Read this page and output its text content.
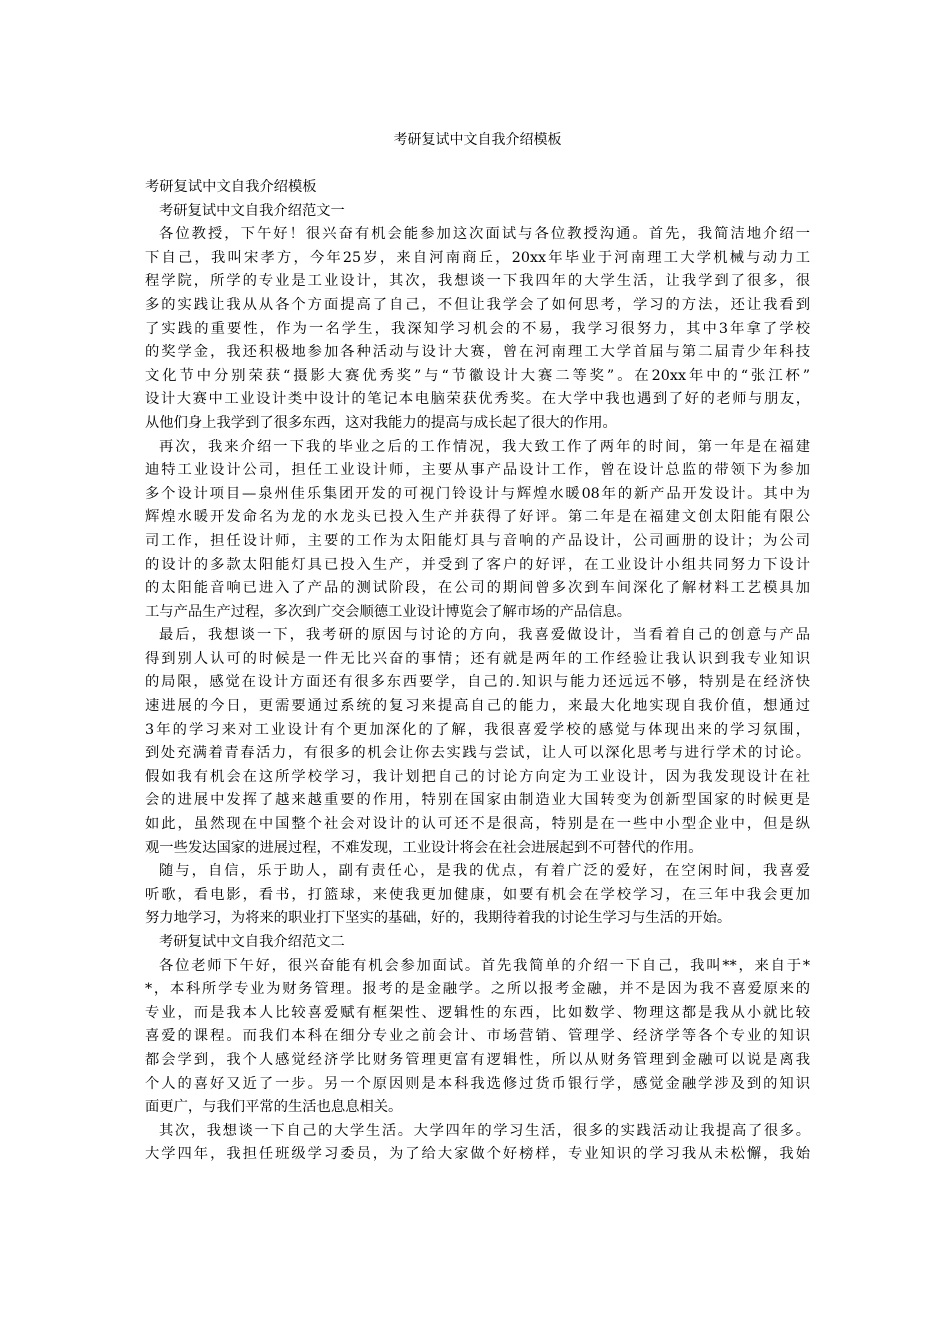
考研复试中文自我介绍模板
考研复试中文自我介绍模板
考研复试中文自我介绍范文一
各位教授，下午好！很兴奋有机会能参加这次面试与各位教授沟通。首先，我简洁地介绍一
下自己，我叫宋孝方，今年25岁，来自河南商丘，20xx年毕业于河南理工大学机械与动力工
程学院，所学的专业是工业设计，其次，我想谈一下我四年的大学生活，让我学到了很多，很
多的实践让我从从各个方面提高了自己，不但让我学会了如何思考，学习的方法，还让我看到
了实践的重要性，作为一名学生，我深知学习机会的不易，我学习很努力，其中3年拿了学校
的奖学金，我还积极地参加各种活动与设计大赛，曾在河南理工大学首届与第二届青少年科技
文化节中分别荣获“摄影大赛优秀奖”与“节徽设计大赛二等奖”。在20xx年中的“张江杯”
设计大赛中工业设计类中设计的笔记本电脑荣获优秀奖。在大学中我也遇到了好的老师与朋友，
从他们身上我学到了很多东西，这对我能力的提高与成长起了很大的作用。
再次，我来介绍一下我的毕业之后的工作情况，我大致工作了两年的时间，第一年是在福建
迪特工业设计公司，担任工业设计师，主要从事产品设计工作，曾在设计总监的带领下为参加
多个设计项目—泉州佳乐集团开发的可视门铃设计与辉煌水暖08年的新产品开发设计。其中为
辉煌水暖开发命名为龙的水龙头已投入生产并获得了好评。第二年是在福建文创太阳能有限公
司工作，担任设计师，主要的工作为太阳能灯具与音响的产品设计，公司画册的设计；为公司
的设计的多款太阳能灯具已投入生产，并受到了客户的好评，在工业设计小组共同努力下设计
的太阳能音响已进入了产品的测试阶段，在公司的期间曾多次到车间深化了解材料工艺模具加
工与产品生产过程，多次到广交会顺德工业设计博览会了解市场的产品信息。
最后，我想谈一下，我考研的原因与讨论的方向，我喜爱做设计，当看着自己的创意与产品
得到别人认可的时候是一件无比兴奋的事情；还有就是两年的工作经验让我认识到我专业知识
的局限，感觉在设计方面还有很多东西要学，自己的.知识与能力还远远不够，特别是在经济快
速进展的今日，更需要通过系统的复习来提高自己的能力，来最大化地实现自我价值，想通过
3年的学习来对工业设计有个更加深化的了解，我很喜爱学校的感觉与体现出来的学习氛围，
到处充满着青春活力，有很多的机会让你去实践与尝试，让人可以深化思考与进行学术的讨论。
假如我有机会在这所学校学习，我计划把自己的讨论方向定为工业设计，因为我发现设计在社
会的进展中发挥了越来越重要的作用，特别在国家由制造业大国转变为创新型国家的时候更是
如此，虽然现在中国整个社会对设计的认可还不是很高，特别是在一些中小型企业中，但是纵
观一些发达国家的进展过程，不难发现，工业设计将会在社会进展起到不可替代的作用。
随与，自信，乐于助人，副有责任心，是我的优点，有着广泛的爱好，在空闲时间，我喜爱
听歌，看电影，看书，打篮球，来使我更加健康，如要有机会在学校学习，在三年中我会更加
努力地学习，为将来的职业打下坚实的基础，好的，我期待着我的讨论生学习与生活的开始。
考研复试中文自我介绍范文二
各位老师下午好，很兴奋能有机会参加面试。首先我简单的介绍一下自己，我叫**，来自于*
*，本科所学专业为财务管理。报考的是金融学。之所以报考金融，并不是因为我不喜爱原来的
专业，而是我本人比较喜爱赋有框架性、逻辑性的东西，比如数学、物理这都是我从小就比较
喜爱的课程。而我们本科在细分专业之前会计、市场营销、管理学、经济学等各个专业的知识
都会学到，我个人感觉经济学比财务管理更富有逻辑性，所以从财务管理到金融可以说是离我
个人的喜好又近了一步。另一个原因则是本科我选修过货币银行学，感觉金融学涉及到的知识
面更广，与我们平常的生活也息息相关。
其次，我想谈一下自己的大学生活。大学四年的学习生活，很多的实践活动让我提高了很多。
大学四年，我担任班级学习委员，为了给大家做个好榜样，专业知识的学习我从未松懈，我始
